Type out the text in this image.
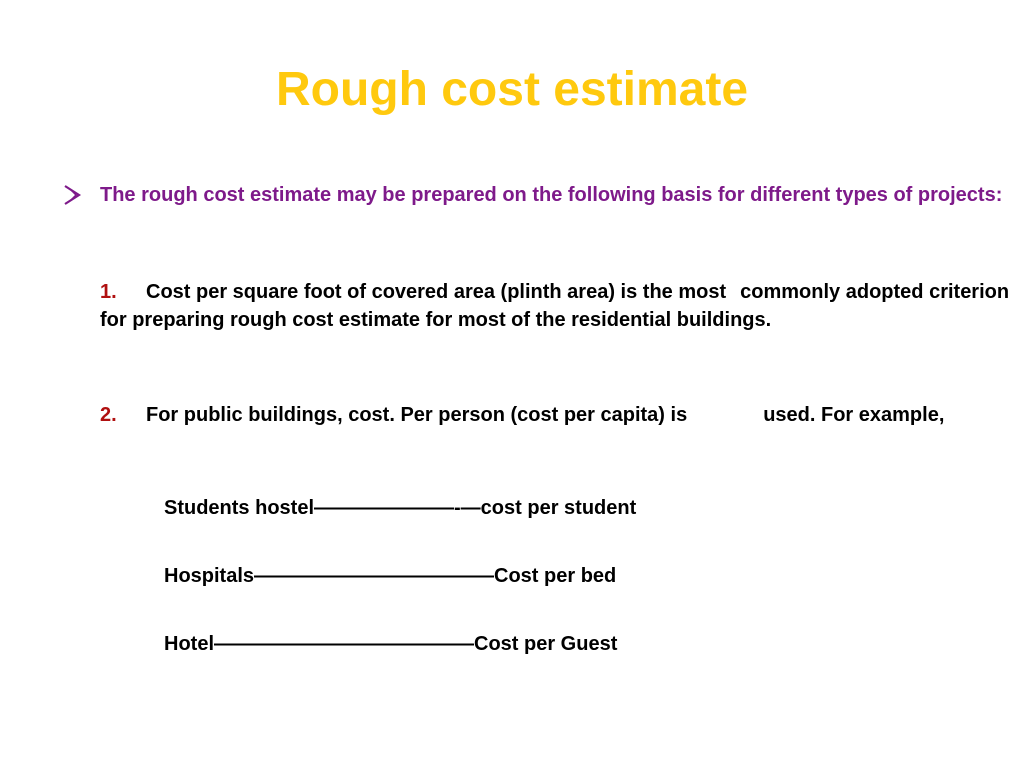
Rough cost estimate
The rough cost estimate may be prepared on the following basis for different types of projects:
1. Cost per square foot of covered area (plinth area) is the most commonly adopted criterion for preparing rough cost estimate for most of the residential buildings.
2. For public buildings, cost. Per person (cost per capita) is	used. For example,
Students hostel———————-—cost per student
Hospitals————————————Cost per bed
Hotel—————————————Cost per Guest
